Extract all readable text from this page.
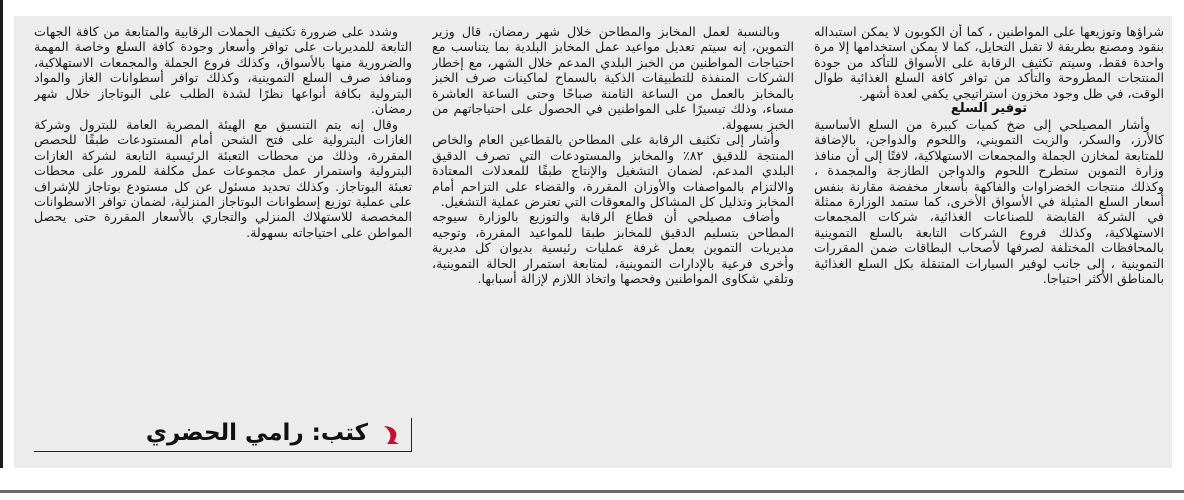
شراؤها وتوزيعها على المواطنين ، كما أن الكوبون لا يمكن استبداله بنقود ومصنع بطريقة لا تقبل التحايل، كما لا يمكن استخدامها إلا مرة واحدة فقط، وسيتم تكثيف الرقابة على الأسواق للتأكد من جودة المنتجات المطروحة والتأكد من توافر كافة السلع الغذائية طوال الوقت، في ظل وجود مخزون استراتيجي يكفي لعدة أشهر.

توفير السلع

وأشار المصيلحي إلى ضخ كميات كبيرة من السلع الأساسية كالأرز، والسكر، والزيت التمويني، واللحوم والدواجن، بالإضافة للمتابعة لمخازن الجملة والمجمعات الاستهلاكية، لافتًا إلى أن منافذ وزارة التموين ستطرح اللحوم والدواجن الطازجة والمجمدة ، وكذلك منتجات الخضراوات والفاكهة بأسعار مخفضة مقارنة بنفس أسعار السلع المثيلة في الأسواق الأخرى، كما ستمد الوزارة ممثلة في الشركة القابضة للصناعات الغذائية، شركات المجمعات الاستهلاكية، وكذلك فروع الشركات التابعة بالسلع التموينية بالمحافظات المختلفة لصرفها لأصحاب البطاقات ضمن المقررات التموينية ، إلى جانب لوفير السيارات المتنقلة بكل السلع الغذائية بالمناطق الأكثر احتياجا.

وبالنسبة لعمل المخابز والمطاحن خلال شهر رمضان، قال وزير التموين، إنه سيتم تعديل مواعيد عمل المخابز البلدية بما يتناسب مع احتياجات المواطنين من الخبز البلدي المدعم خلال الشهر، مع إخطار الشركات المنفذة للتطبيقات الذكية بالسماح لماكينات صرف الخبز بالمخابز بالعمل من الساعة الثامنة صباحًا وحتى الساعة العاشرة مساء، وذلك تيسيرًا على المواطنين في الحصول على احتياجاتهم من الخبز بسهولة.

وأشار إلى تكثيف الرقابة على المطاحن بالقطاعين العام والخاص المنتجة للدقيق ٨٢٪ والمخابز والمستودعات التي تصرف الدقيق البلدي المدعم، لضمان التشغيل والإنتاج طبقًا للمعدلات المعتادة والالتزام بالمواصفات والأوزان المقررة، والقضاء على التزاحم أمام المخابز وتذليل كل المشاكل والمعوقات التي تعترض عملية التشغيل.

وأضاف مصيلحي أن قطاع الرقابة والتوزيع بالوزارة سيوجه المطاحن بتسليم الدقيق للمخابز طبقا للمواعيد المقررة، وتوجيه مديريات التموين بعمل غرفة عمليات رئيسية بديوان كل مديرية وأخرى فرعية بالإدارات التموينية، لمتابعة استمرار الحالة التموينية، وتلقي شكاوى المواطنين وفحصها واتخاذ اللازم لإزالة أسبابها.

وشدد على ضرورة تكثيف الحملات الرقابية والمتابعة من كافة الجهات التابعة للمديريات على توافر وأسعار وجودة كافة السلع وخاصة المهمة والضرورية منها بالأسواق، وكذلك فروع الجملة والمجمعات الاستهلاكية، ومنافذ صرف السلع التموينية، وكذلك توافر أسطوانات الغاز والمواد البترولية بكافة أنواعها نظرًا لشدة الطلب على البوتاجاز خلال شهر رمضان.

وقال إنه يتم التنسيق مع الهيئة المصرية العامة للبترول وشركة الغازات البترولية على فتح الشحن أمام المستودعات طبقًا للحصص المقررة، وذلك من محطات التعبئة الرئيسية التابعة لشركة الغازات البترولية واستمرار عمل مجموعات عمل مكلفة للمرور على محطات تعبئة البوتاجاز. وكذلك تحديد مسئول عن كل مستودع بوتاجاز للإشراف على عملية توزيع إسطوانات البوتاجاز المنزلية، لضمان توافر الاسطوانات المخصصة للاستهلاك المنزلي والتجاري بالأسعار المقررة حتى يحصل المواطن على احتياجاته بسهولة.

كتب: رامي الحضري
